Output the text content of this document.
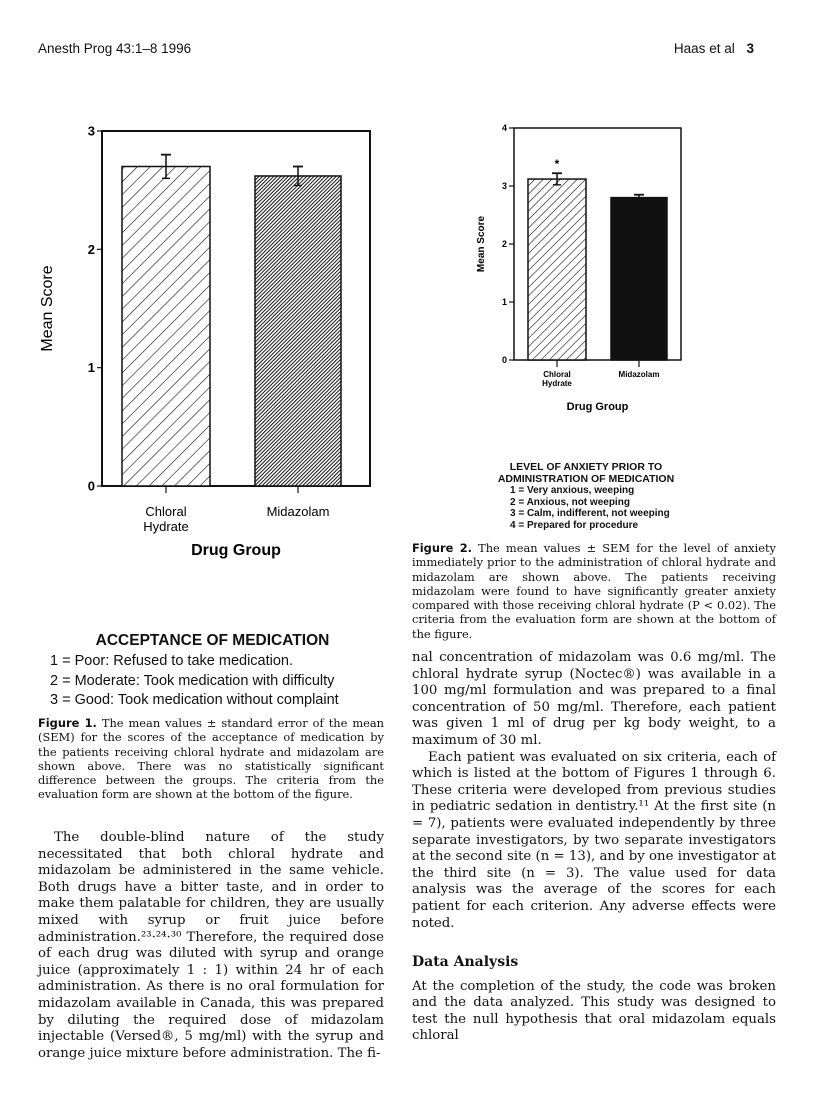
Anesth Prog 43:1–8 1996	Haas et al 3
0
1
2
3
Mean Score
Chloral
Hydrate
Midazolam
Drug Group
0
1
2
3
4
Mean Score
Chloral
Hydrate
*
Midazolam
Drug Group
ACCEPTANCE OF MEDICATION
1 = Poor: Refused to take medication.
2 = Moderate: Took medication with difficulty
3 = Good: Took medication without complaint
Figure 1. The mean values ± standard error of the mean (SEM) for the scores of the acceptance of medication by the patients receiving chloral hydrate and midazolam are shown above. There was no statistically significant difference between the groups. The criteria from the evaluation form are shown at the bottom of the figure.
The double-blind nature of the study necessitated that both chloral hydrate and midazolam be administered in the same vehicle. Both drugs have a bitter taste, and in order to make them palatable for children, they are usually mixed with syrup or fruit juice before administration.²³·²⁴·³⁰ Therefore, the required dose of each drug was diluted with syrup and orange juice (approximately 1 : 1) within 24 hr of each administration. As there is no oral formulation for midazolam available in Canada, this was prepared by diluting the required dose of midazolam injectable (Versed®, 5 mg/ml) with the syrup and orange juice mixture before administration. The fi-
LEVEL OF ANXIETY PRIOR TO
ADMINISTRATION OF MEDICATION
1 = Very anxious, weeping
2 = Anxious, not weeping
3 = Calm, indifferent, not weeping
4 = Prepared for procedure
Figure 2. The mean values ± SEM for the level of anxiety immediately prior to the administration of chloral hydrate and midazolam are shown above. The patients receiving midazolam were found to have significantly greater anxiety compared with those receiving chloral hydrate (P < 0.02). The criteria from the evaluation form are shown at the bottom of the figure.

nal concentration of midazolam was 0.6 mg/ml. The chloral hydrate syrup (Noctec®) was available in a 100 mg/ml formulation and was prepared to a final concentration of 50 mg/ml. Therefore, each patient was given 1 ml of drug per kg body weight, to a maximum of 30 ml.

Each patient was evaluated on six criteria, each of which is listed at the bottom of Figures 1 through 6. These criteria were developed from previous studies in pediatric sedation in dentistry.¹¹ At the first site (n = 7), patients were evaluated independently by three separate investigators, by two separate investigators at the second site (n = 13), and by one investigator at the third site (n = 3). The value used for data analysis was the average of the scores for each patient for each criterion. Any adverse effects were noted.

Data Analysis

At the completion of the study, the code was broken and the data analyzed. This study was designed to test the null hypothesis that oral midazolam equals chloral
